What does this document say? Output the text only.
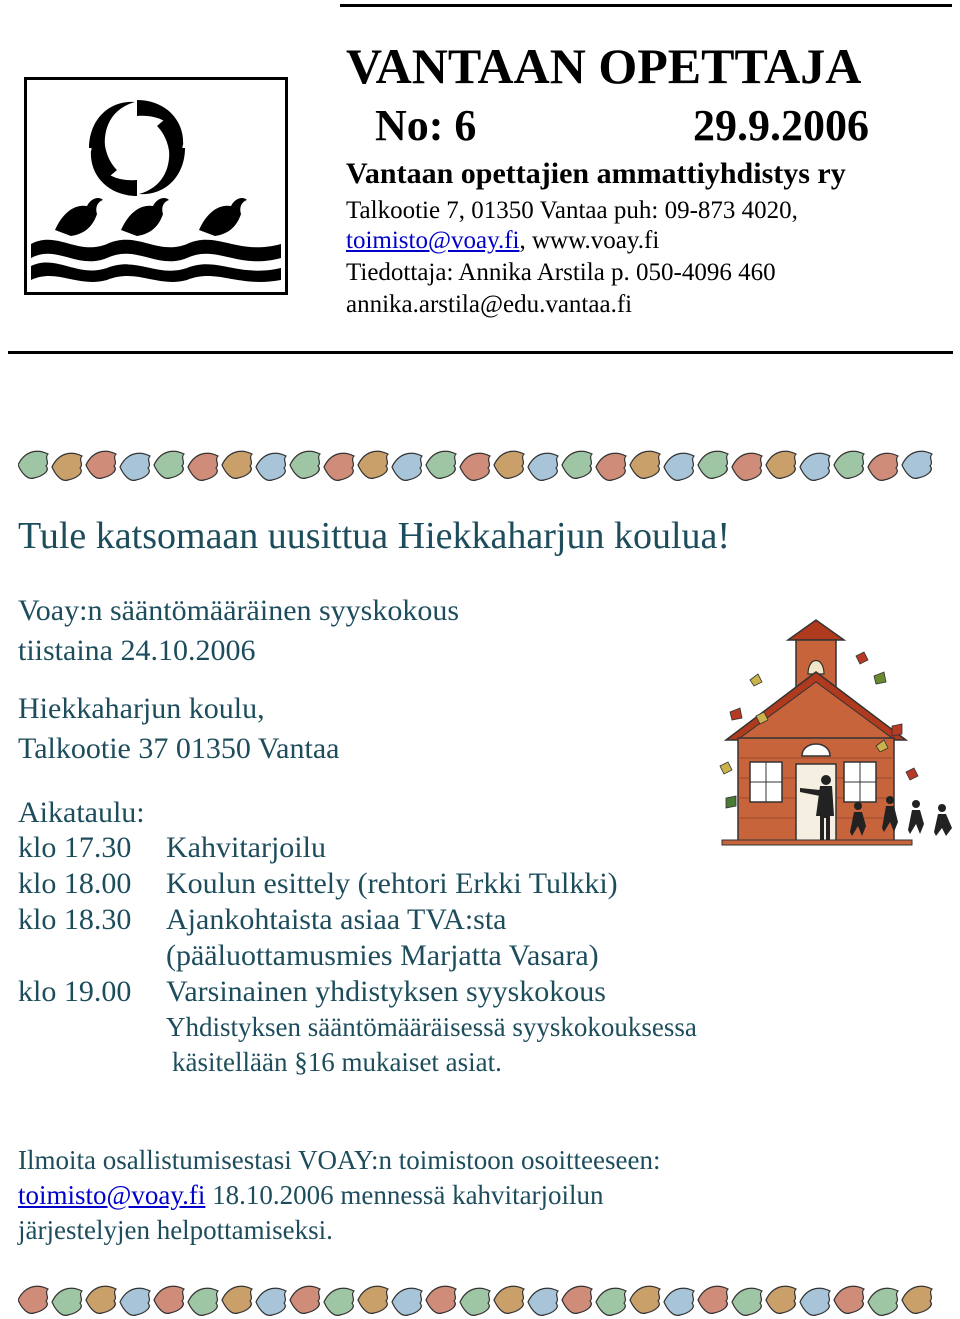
VANTAAN OPETTAJA
No: 6	29.9.2006
Vantaan opettajien ammattiyhdistys ry
Talkootie 7, 01350 Vantaa puh: 09-873 4020,
toimisto@voay.fi, www.voay.fi
Tiedottaja: Annika Arstila p. 050-4096 460
annika.arstila@edu.vantaa.fi
Tule katsomaan uusittua Hiekkaharjun koulua!
Voay:n sääntömääräinen syyskokous
tiistaina 24.10.2006
Hiekkaharjun koulu,
Talkootie 37 01350 Vantaa
Aikataulu:
klo 17.30 Kahvitarjoilu
klo 18.00 Koulun esittely (rehtori Erkki Tulkki)
klo 18.30 Ajankohtaista asiaa TVA:sta
(pääluottamusmies Marjatta Vasara)
klo 19.00 Varsinainen yhdistyksen syyskokous
Yhdistyksen sääntömääräisessä syyskokouksessa
käsitellään §16 mukaiset asiat.
Ilmoita osallistumisestasi VOAY:n toimistoon osoitteeseen:
toimisto@voay.fi 18.10.2006 mennessä kahvitarjoilun
järjestelyjen helpottamiseksi.
